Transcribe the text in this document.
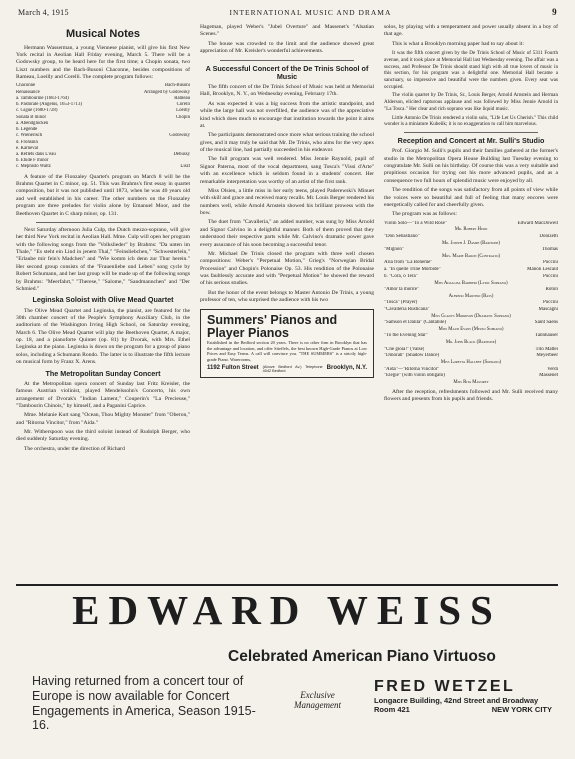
March 4, 1915	INTERNATIONAL MUSIC AND DRAMA	9
Musical Notes

Hermann Wasserman, a young Viennese pianist, will give his first New York recital in Aeolian Hall Friday evening, March 5. There will be a Godowsky group, to be heard here for the first time; a Chopin sonata, two Liszt numbers and the Bach-Busoni Chaconne, besides compositions of Rameau, Loeilly and Corelli. The complete program follows:

Chaconne	Bach-Busoni
Renaissance	Arranged by Godowsky
a. Tambourine (1683-1764)	Rameau
b. Pastorale (Angelus, 1653-1713)	Corelli
c. Gigue (1680-1728)	Loeilly
Sonata B minor	Chopin
a. Abendglocken
b. Legende
c. Wienerisch	Godowsky
d. Frohsinn
e. Karneval
a. Reflets dans L'eau	Debussy
b. Etude F minor
c. Mephisto Waltz	Liszt

A feature of the Flonzaley Quartet's program on March 8 will be the Brahms Quartet in C minor, op. 51. This was Brahms's first essay in quartet composition, but it was not published until 1873, when he was 40 years old and well established in his career. The other numbers on the Flonzaley program are three preludes for violin alone by Emanuel Moor, and the Beethoven Quartet in C sharp minor, op. 131.

Next Saturday afternoon Julia Culp, the Dutch mezzo-soprano, will give her third New York recital in Aeolian Hall. Mme. Culp will open her program with the following songs from the "Volkslieder" by Brahms: "Da unten im Thale," "Es steht ein Lind in jenem Thal," "Feinsliebchen," "Schwesterlein," "Erlaube mir fein's Madchen" and "Wie komm ich denn zur Thur herein." Her second group consists of the "Frauenliebe und Leben" song cycle by Robert Schumann, and her last group will be made up of the following songs by Brahms: "Meerfahrt," "Therese," "Salome," "Sandmannchen" and "Der Schmied."

Leginska Soloist with Olive Mead Quartet

The Olive Mead Quartet and Leginska, the pianist, are featured for the 30th chamber concert of the People's Symphony Auxiliary Club, in the auditorium of the Washington Irving High School, on Saturday evening, March 6. The Olive Mead Quartet will play the Beethoven Quartet, A major, op. 18, and a pianoforte Quintet (op. 81) by Dvorak, with Mrs. Ethel Leginska at the piano. Leginska is down on the program for a group of piano solos, including a Schumann Rondo. The latter is to illustrate the fifth lecture on musical form by Franz X. Arens.

The Metropolitan Sunday Concert

At the Metropolitan opera concert of Sunday last Fritz Kreisler, the famous Austrian violinist, played Mendelssohn's Concerto, his own arrangement of Dvorak's "Indian Lament," Couperin's "La Precieuse," "Tambourin Chinois," by himself, and a Paganini Caprice.

Mme. Melanie Kurt sang "Ocean, Thou Mighty Monster" from "Oberon," and "Ritorna Vincitor," from "Aida."

Mr. Witherspoon was the third soloist instead of Rudolph Berger, who died suddenly Saturday evening.

The orchestra, under the direction of Richard

Hageman, played Weber's "Jubel Overture" and Massenet's "Alsatian Scenes."

The house was crowded to the limit and the audience showed great appreciation of Mr. Kreisler's wonderful achievements.

A Successful Concert of the De Trinis School of Music

The fifth concert of the De Trinis School of Music was held at Memorial Hall, Brooklyn, N. Y., on Wednesday evening, February 17th.

As was expected it was a big success from the artistic standpoint, and while the large hall was not overfilled, the audience was of the appreciative kind which does much to encourage that institution towards the point it aims at.

The participants demonstrated once more what serious training the school gives, and it may truly be said that Mr. De Trinis, who aims for the very apex of the musical line, had partially succeeded in his endeavor.

The full program was well rendered. Miss Jennie Raynold, pupil of Signor Paterna, most of the vocal department, sang Tosca's "Vissi d'Arte" with an excellence which is seldom found in a students' concert. Her remarkable interpretation was worthy of an artist of the first rank.

Miss Olsien, a little miss in her early teens, played Paderewski's Minuet with skill and grace and received many recalls. Mr. Louis Berger rendered his numbers well, while Arnold Arnstein showed his brilliant prowess with the bow.

The duet from "Cavalleria," an added number, was sung by Miss Arnold and Signor Calvino in a delightful manner. Both of them proved that they understood their respective parts while Mr. Calvino's dramatic power gave every assurance of his soon becoming a successful tenor.

Mr. Michael De Trinis closed the program with three well chosen compositions: Weber's "Perpetual Motion," Grieg's "Norwegian Bridal Procession" and Chopin's Polonaise Op. 53. His rendition of the Polonaise was faultlessly accurate and with "Perpetual Motion" he showed the reward of his serious studies.

But the honor of the event belongs to Master Antonio De Trinis, a young professor of ten, who surprised the audience with his two

Summers' Pianos and
Player Pianos
Established in the Bedford section 20 years. There is no other firm in Brooklyn that has the advantage and location, and offer Stieffels, the best known High-Grade Pianos at Low Prices and Easy Terms. A call will convince you. "THE SUMMERS" is a strictly high-grade Piano. Warerooms,
1192 Fulton Street (Above Bedford Av.) Telephone 4042 Bedford
Brooklyn, N.Y.

solos, by playing with a temperament and power usually absent in a boy of that age.

This is what a Brooklyn morning paper had to say about it:

It was the fifth concert given by the De Trinis School of Music of 5311 Fourth avenue, and it took place at Memorial Hall last Wednesday evening. The affair was a success, and Professor De Trinis should stand high with all true lovers of music in this section, for his program was a delightful one. Memorial Hall became a sanctuary, so impressive and beautiful were the numbers given. Every seat was occupied.

The violin quartet by De Trinis, Sr., Louis Berger, Arnold Arnstein and Herman Alderson, elicited rapturous applause and was followed by Miss Jennie Arnold in "La Tosca." Her clear and rich soprano was like liquid music.

Little Antonio De Trinis rendered a violin solo, "Life Let Us Cherish." This child wonder is a miniature Kubelik; it is no exaggeration to call him marvelous.

Reception and Concert at Mr. Sulli's Studio

Prof. Giorgio M. Sulli's pupils and their families gathered at the former's studio in the Metropolitan Opera House Building last Tuesday evening to congratulate Mr. Sulli on his birthday. Of course this was a very suitable and propitious occasion for trying out his more advanced pupils, and as a consequence two full hours of splendid music were enjoyed by all.

The rendition of the songs was satisfactory from all points of view while the voices were so beautiful and full of feeling that many encores were energetically called for and cheerfully given.

The program was as follows:

Violin Solo—"To a Wild Rose"	Edward MacDowell
Mr. Robert Hurd
"Don Sebastiano"	Donizetti
Mr. Joseph J. Dampe (Baritone)
"Mignon"	Thomas
Mrs. Marie Baron (Contralto)
Aria from "La Boheme"	Puccini
a. "In quelle Trine Morbide"	Manon Lescaut
b. "Cora, o Tera"	Puccini
Miss Adalgisa Barbieri (Lyric Soprano)
"Amor ta morire"	Rotoli
Alfredo Martino (Bass)
"Tosca" (Prayer)	Puccini
"Cavalleria Rusticana"	Mascagni
Miss Gladys Morrison (Dramatic Soprano)
"Samson et Dalila" (Cantabile)	Saint Saens
Miss Maud Evans (Mezzo Soprano)
"To the Evening Star"	Tannhauser
Mr. John Black (Baritone)
"Che gioia!" (Valse)	Tito Mattei
"Dinorah" (Shadow Dance)	Meyerbeer
Miss Loretta Halleby (Soprano)
"Aida"—"Ritorna Vincitor"	Verdi
"Elegie" (with violin obligato)	Massenet
Miss Rita Mavorey

After the reception, refreshments followed and Mr. Sulli received many flowers and presents from his pupils and friends.

EDWARD WEISS
Celebrated American Piano Virtuoso
Having returned from a concert tour of Europe is now available for Concert Engagements in America, Season 1915-16.
Exclusive
Management
FRED WETZEL
Longacre Building, 42nd Street and Broadway
Room 421	NEW YORK CITY
